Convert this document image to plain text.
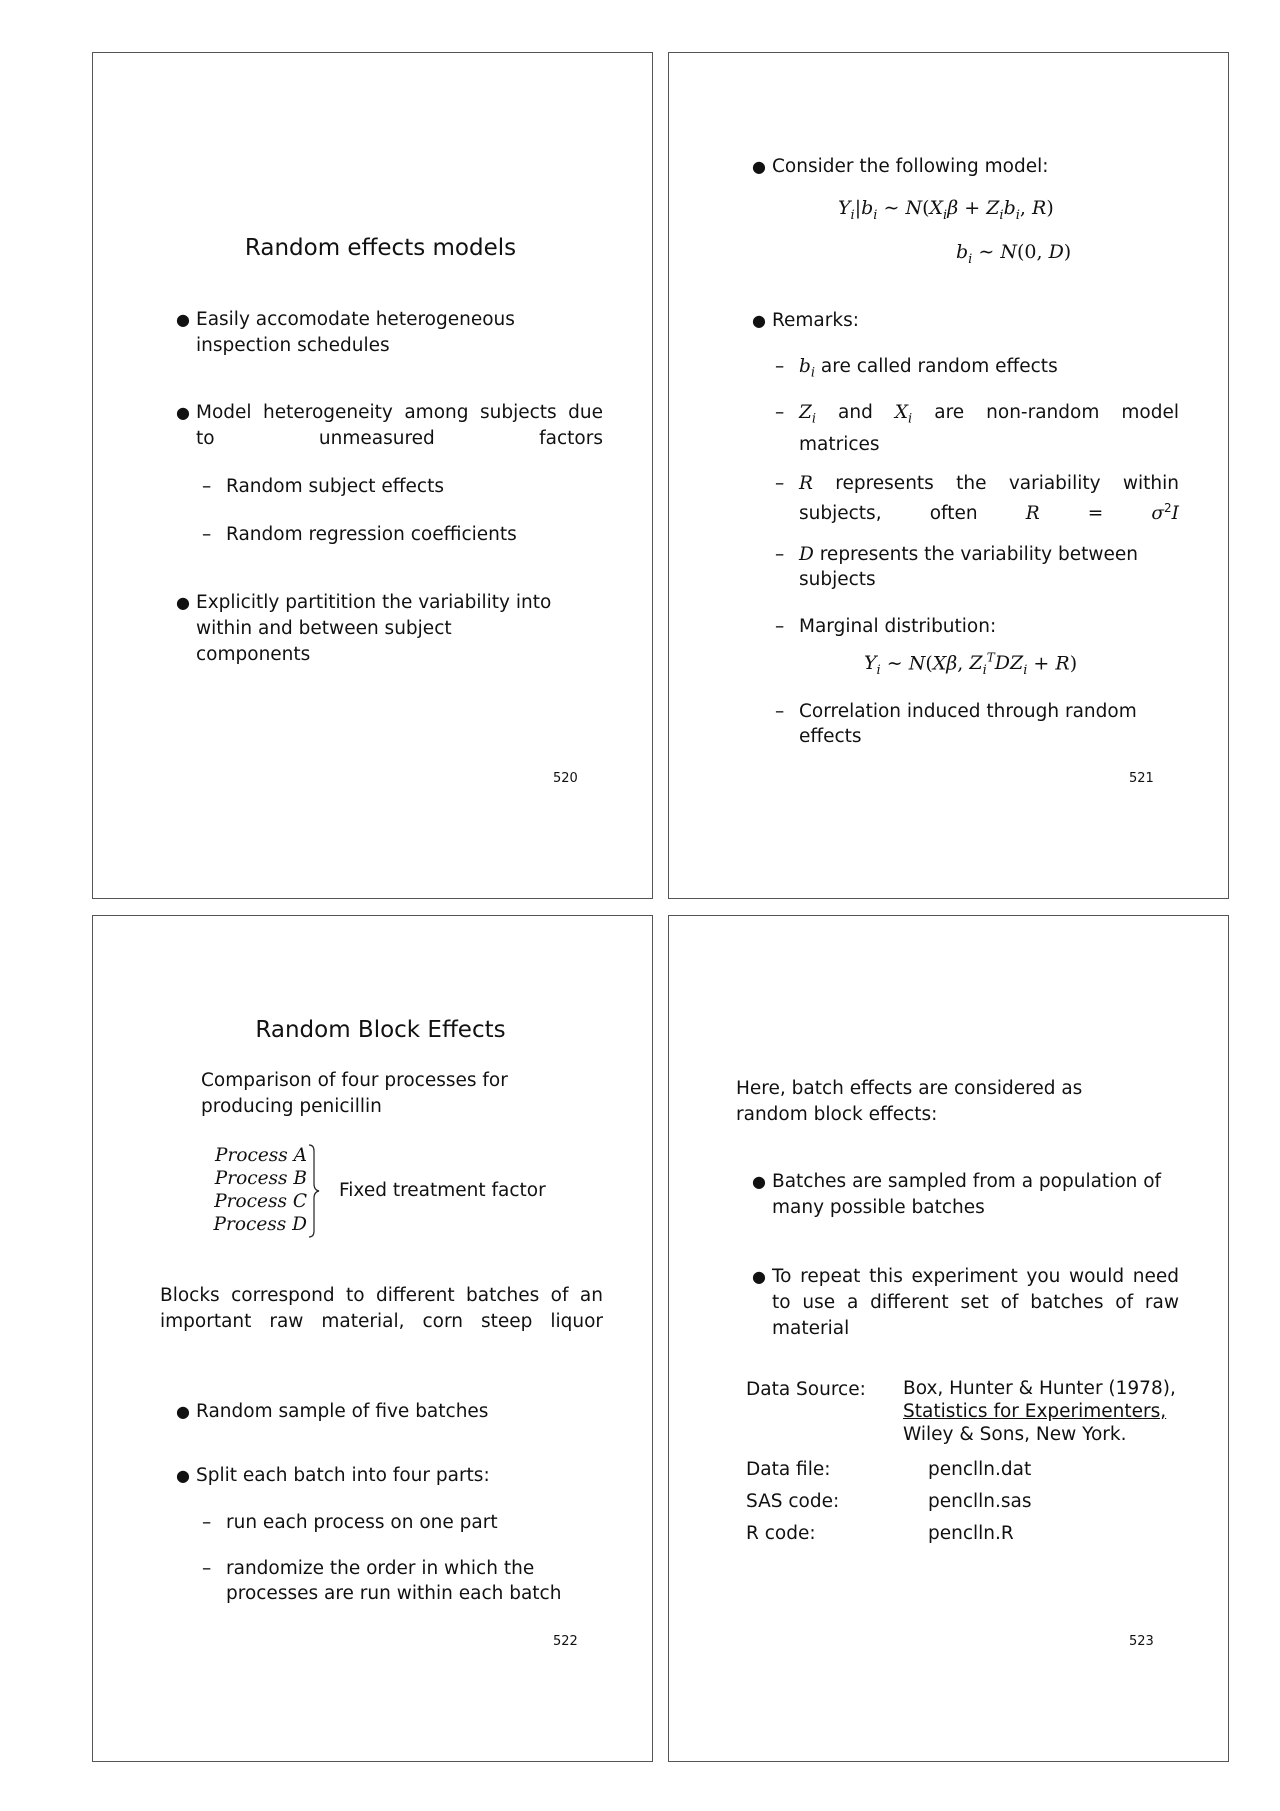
Random effects models
● Easily accomodate heterogeneous inspection schedules
● Model heterogeneity among subjects due to unmeasured factors
– Random subject effects
– Random regression coefficients
● Explicitly partitition the variability into within and between subject components
520
● Consider the following model:
$Y_i|b_i$ ∼ $N(X_i\beta + Z_ib_i$, R)
$b_i$ ∼ N(0, D)
● Remarks:
– $b_i$ are called random effects
– $Z_i$ and $X_i$ are non-random model matrices
– R represents the variability within subjects, often	R	=	$\sigma^2I$
– D represents the variability between subjects
– Marginal distribution:
$Y_i$ ∼ N(Xβ, $Z_i^TDZ_i + R$)
– Correlation induced through random effects
521
Random Block Effects
Comparison of four processes for producing penicillin
Process A
Process B
Process C
Process D
Fixed treatment factor
Blocks correspond to different batches of an important raw material, corn steep liquor
● Random sample of five batches
● Split each batch into four parts:
– run each process on one part
– randomize the order in which the processes are run within each batch
522
Here, batch effects are considered as random block effects:
● Batches are sampled from a population of many possible batches
● To repeat this experiment you would need to use a different set of batches of raw material
Data Source: Box, Hunter & Hunter (1978),
Statistics for Experimenters,
Wiley & Sons, New York.
Data file:	penclln.dat
SAS code:	penclln.sas
R code:	penclln.R
523
